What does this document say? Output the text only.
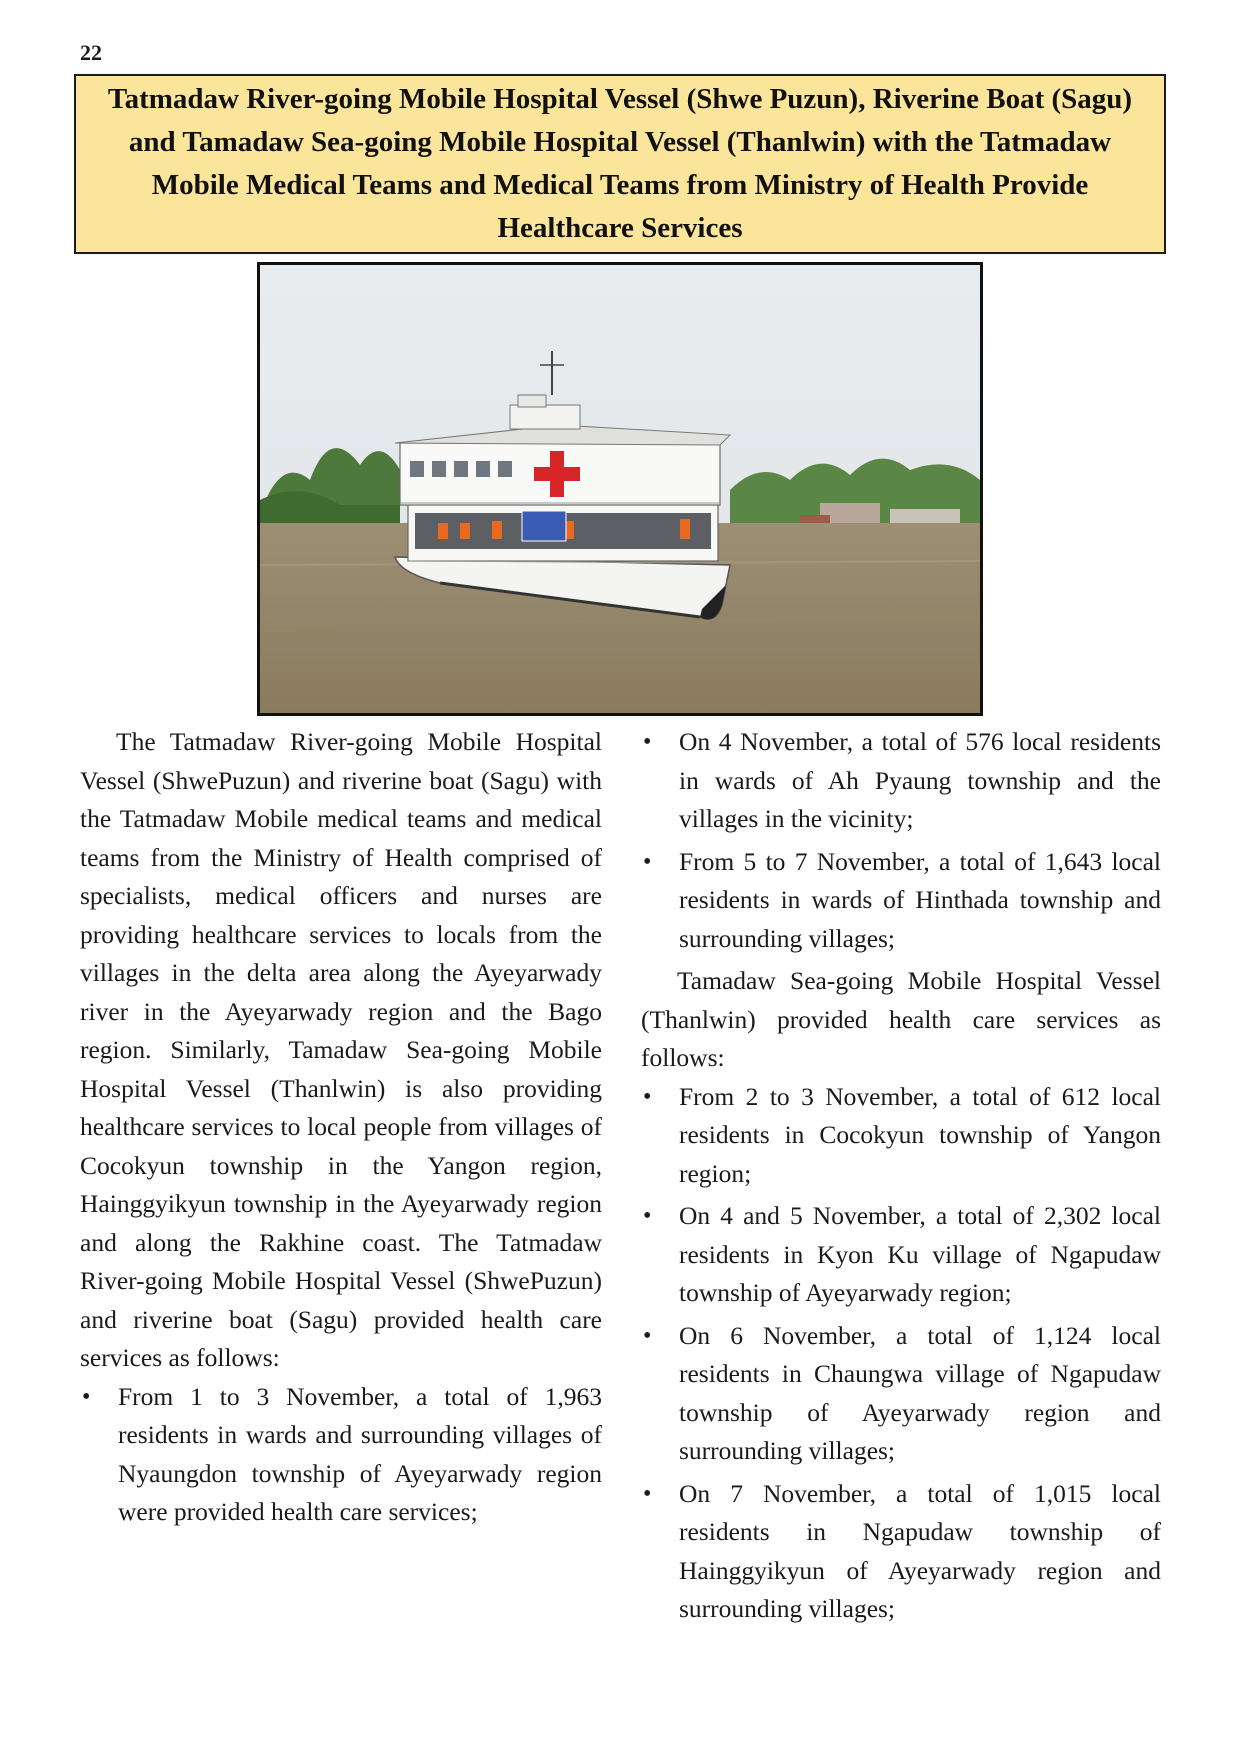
22
Tatmadaw River-going Mobile Hospital Vessel (Shwe Puzun), Riverine Boat (Sagu) and Tamadaw Sea-going Mobile Hospital Vessel (Thanlwin) with the Tatmadaw Mobile Medical Teams and Medical Teams from Ministry of Health Provide Healthcare Services

The Tatmadaw River-going Mobile Hospital Vessel (ShwePuzun) and riverine boat (Sagu) with the Tatmadaw Mobile medical teams and medical teams from the Ministry of Health comprised of specialists, medical officers and nurses are providing healthcare services to locals from the villages in the delta area along the Ayeyarwady river in the Ayeyarwady region and the Bago region. Similarly, Tamadaw Sea-going Mobile Hospital Vessel (Thanlwin) is also providing healthcare services to local people from villages of Cocokyun township in the Yangon region, Hainggyikyun township in the Ayeyarwady region and along the Rakhine coast. The Tatmadaw River-going Mobile Hospital Vessel (ShwePuzun) and riverine boat (Sagu) provided health care services as follows:

• From 1 to 3 November, a total of 1,963 residents in wards and surrounding villages of Nyaungdon township of Ayeyarwady region were provided health care services;
• On 4 November, a total of 576 local residents in wards of Ah Pyaung township and the villages in the vicinity;
• From 5 to 7 November, a total of 1,643 local residents in wards of Hinthada township and surrounding villages;

Tamadaw Sea-going Mobile Hospital Vessel (Thanlwin) provided health care services as follows:

• From 2 to 3 November, a total of 612 local residents in Cocokyun township of Yangon region;
• On 4 and 5 November, a total of 2,302 local residents in Kyon Ku village of Ngapudaw township of Ayeyarwady region;
• On 6 November, a total of 1,124 local residents in Chaungwa village of Ngapudaw township of Ayeyarwady region and surrounding villages;
• On 7 November, a total of 1,015 local residents in Ngapudaw township of Hainggyikyun of Ayeyarwady region and surrounding villages;
